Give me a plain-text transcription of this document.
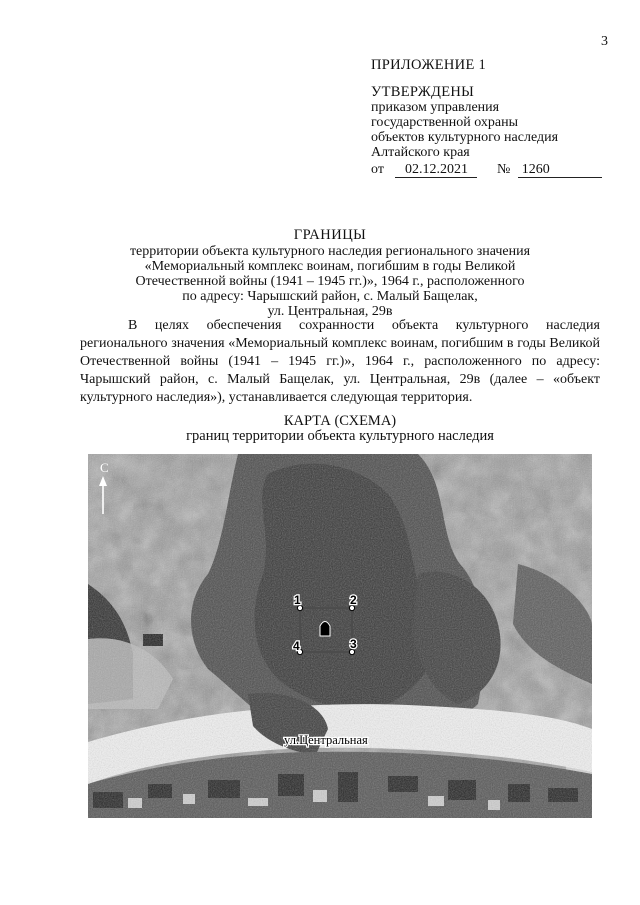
3
ПРИЛОЖЕНИЕ 1
УТВЕРЖДЕНЫ
приказом управления
государственной охраны
объектов культурного наследия
Алтайского края
от 02.12.2021 № 1260
ГРАНИЦЫ
территории объекта культурного наследия регионального значения
«Мемориальный комплекс воинам, погибшим в годы Великой
Отечественной войны (1941 – 1945 гг.)», 1964 г., расположенного
по адресу: Чарышский район, с. Малый Бащелак,
ул. Центральная, 29в
В целях обеспечения сохранности объекта культурного наследия регионального значения «Мемориальный комплекс воинам, погибшим в годы Великой Отечественной войны (1941 – 1945 гг.)», 1964 г., расположенного по адресу: Чарышский район, с. Малый Бащелак, ул. Центральная, 29в (далее – «объект культурного наследия»), устанавливается следующая территория.
КАРТА (СХЕМА)
границ территории объекта культурного наследия
С
1	2
3
4
ул.Центральная
